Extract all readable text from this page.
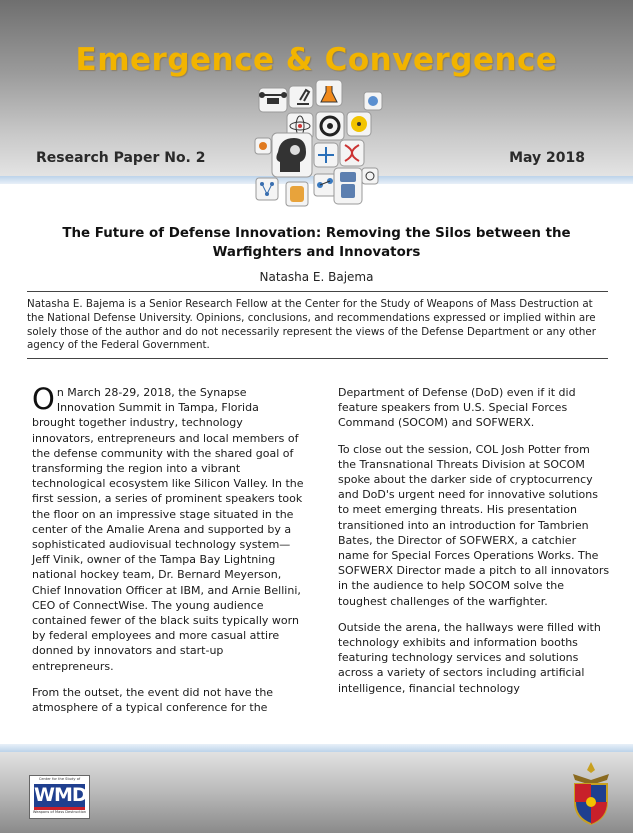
Emergence & Convergence
Research Paper No. 2	May 2018
The Future of Defense Innovation: Removing the Silos between the Warfighters and Innovators
Natasha E. Bajema
Natasha E. Bajema is a Senior Research Fellow at the Center for the Study of Weapons of Mass Destruction at the National Defense University. Opinions, conclusions, and recommendations expressed or implied within are solely those of the author and do not necessarily represent the views of the Defense Department or any other agency of the Federal Government.

On March 28-29, 2018, the Synapse Innovation Summit in Tampa, Florida brought together industry, technology innovators, entrepreneurs and local members of the defense community with the shared goal of transforming the region into a vibrant technological ecosystem like Silicon Valley. In the first session, a series of prominent speakers took the floor on an impressive stage situated in the center of the Amalie Arena and supported by a sophisticated audiovisual technology system—Jeff Vinik, owner of the Tampa Bay Lightning national hockey team, Dr. Bernard Meyerson, Chief Innovation Officer at IBM, and Arnie Bellini, CEO of ConnectWise. The young audience contained fewer of the black suits typically worn by federal employees and more casual attire donned by innovators and start-up entrepreneurs.

From the outset, the event did not have the atmosphere of a typical conference for the

Department of Defense (DoD) even if it did feature speakers from U.S. Special Forces Command (SOCOM) and SOFWERX.

To close out the session, COL Josh Potter from the Transnational Threats Division at SOCOM spoke about the darker side of cryptocurrency and DoD's urgent need for innovative solutions to meet emerging threats. His presentation transitioned into an introduction for Tambrien Bates, the Director of SOFWERX, a catchier name for Special Forces Operations Works. The SOFWERX Director made a pitch to all innovators in the audience to help SOCOM solve the toughest challenges of the warfighter.

Outside the arena, the hallways were filled with technology exhibits and information booths featuring technology services and solutions across a variety of sectors including artificial intelligence, financial technology

Center for the Study of
WMD
Weapons of Mass Destruction
